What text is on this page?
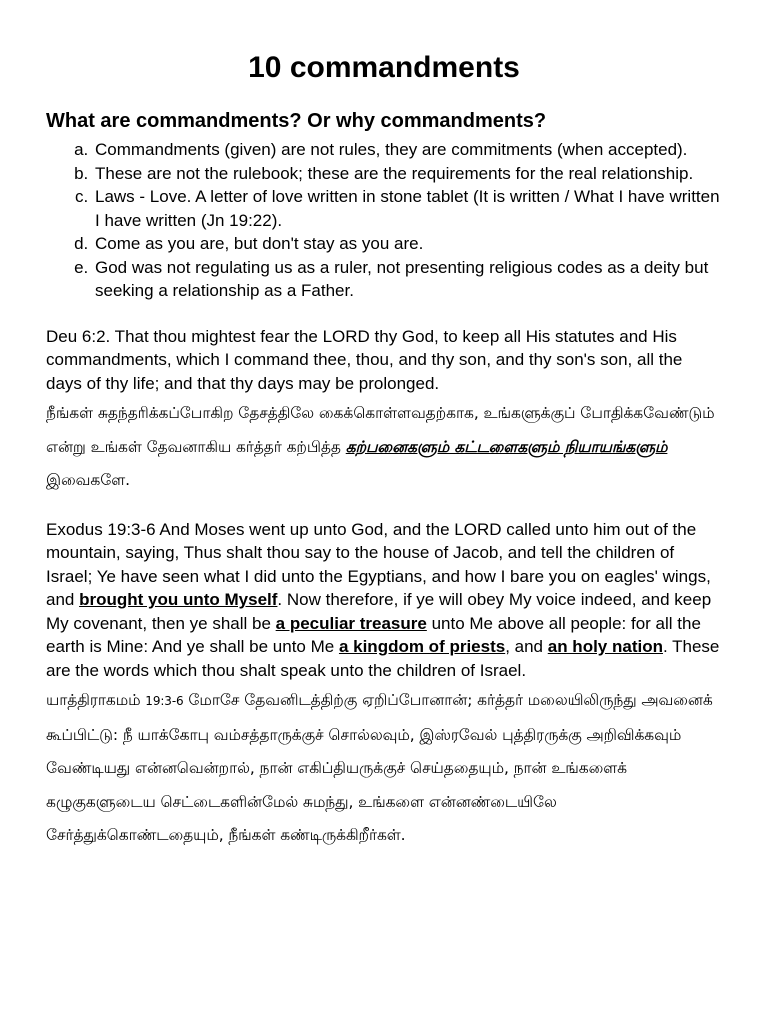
10 commandments
What are commandments? Or why commandments?
a. Commandments (given) are not rules, they are commitments (when accepted).
b. These are not the rulebook; these are the requirements for the real relationship.
c. Laws - Love. A letter of love written in stone tablet (It is written / What I have written I have written (Jn 19:22).
d. Come as you are, but don't stay as you are.
e. God was not regulating us as a ruler, not presenting religious codes as a deity but seeking a relationship as a Father.

Deu 6:2. That thou mightest fear the LORD thy God, to keep all His statutes and His commandments, which I command thee, thou, and thy son, and thy son's son, all the days of thy life; and that thy days may be prolonged.

நீங்கள் சுதந்தரிக்கப்போகிற தேசத்திலே கைக்கொள்ளவதற்காக, உங்களுக்குப் போதிக்கவேண்டும் என்று உங்கள் தேவனாகிய கர்த்தர் கற்பித்த கற்பனைகளும் கட்டளைகளும் நியாயங்களும் இவைகளே.

Exodus 19:3-6 And Moses went up unto God, and the LORD called unto him out of the mountain, saying, Thus shalt thou say to the house of Jacob, and tell the children of Israel; Ye have seen what I did unto the Egyptians, and how I bare you on eagles' wings, and brought you unto Myself. Now therefore, if ye will obey My voice indeed, and keep My covenant, then ye shall be a peculiar treasure unto Me above all people: for all the earth is Mine: And ye shall be unto Me a kingdom of priests, and an holy nation. These are the words which thou shalt speak unto the children of Israel.

யாத்திராகமம் 19:3-6 மோசே தேவனிடத்திற்கு ஏறிப்போனான்; கர்த்தர் மலையிலிருந்து அவனைக் கூப்பிட்டு: நீ யாக்கோபு வம்சத்தாருக்குச் சொல்லவும், இஸ்ரவேல் புத்திரருக்கு அறிவிக்கவும் வேண்டியது என்னவென்றால், நான் எகிப்தியருக்குச் செய்ததையும், நான் உங்களைக் கழுகுகளுடைய செட்டைகளின்மேல் சுமந்து, உங்களை என்னண்டையிலே சேர்த்துக்கொண்டதையும், நீங்கள் கண்டிருக்கிறீர்கள்.
